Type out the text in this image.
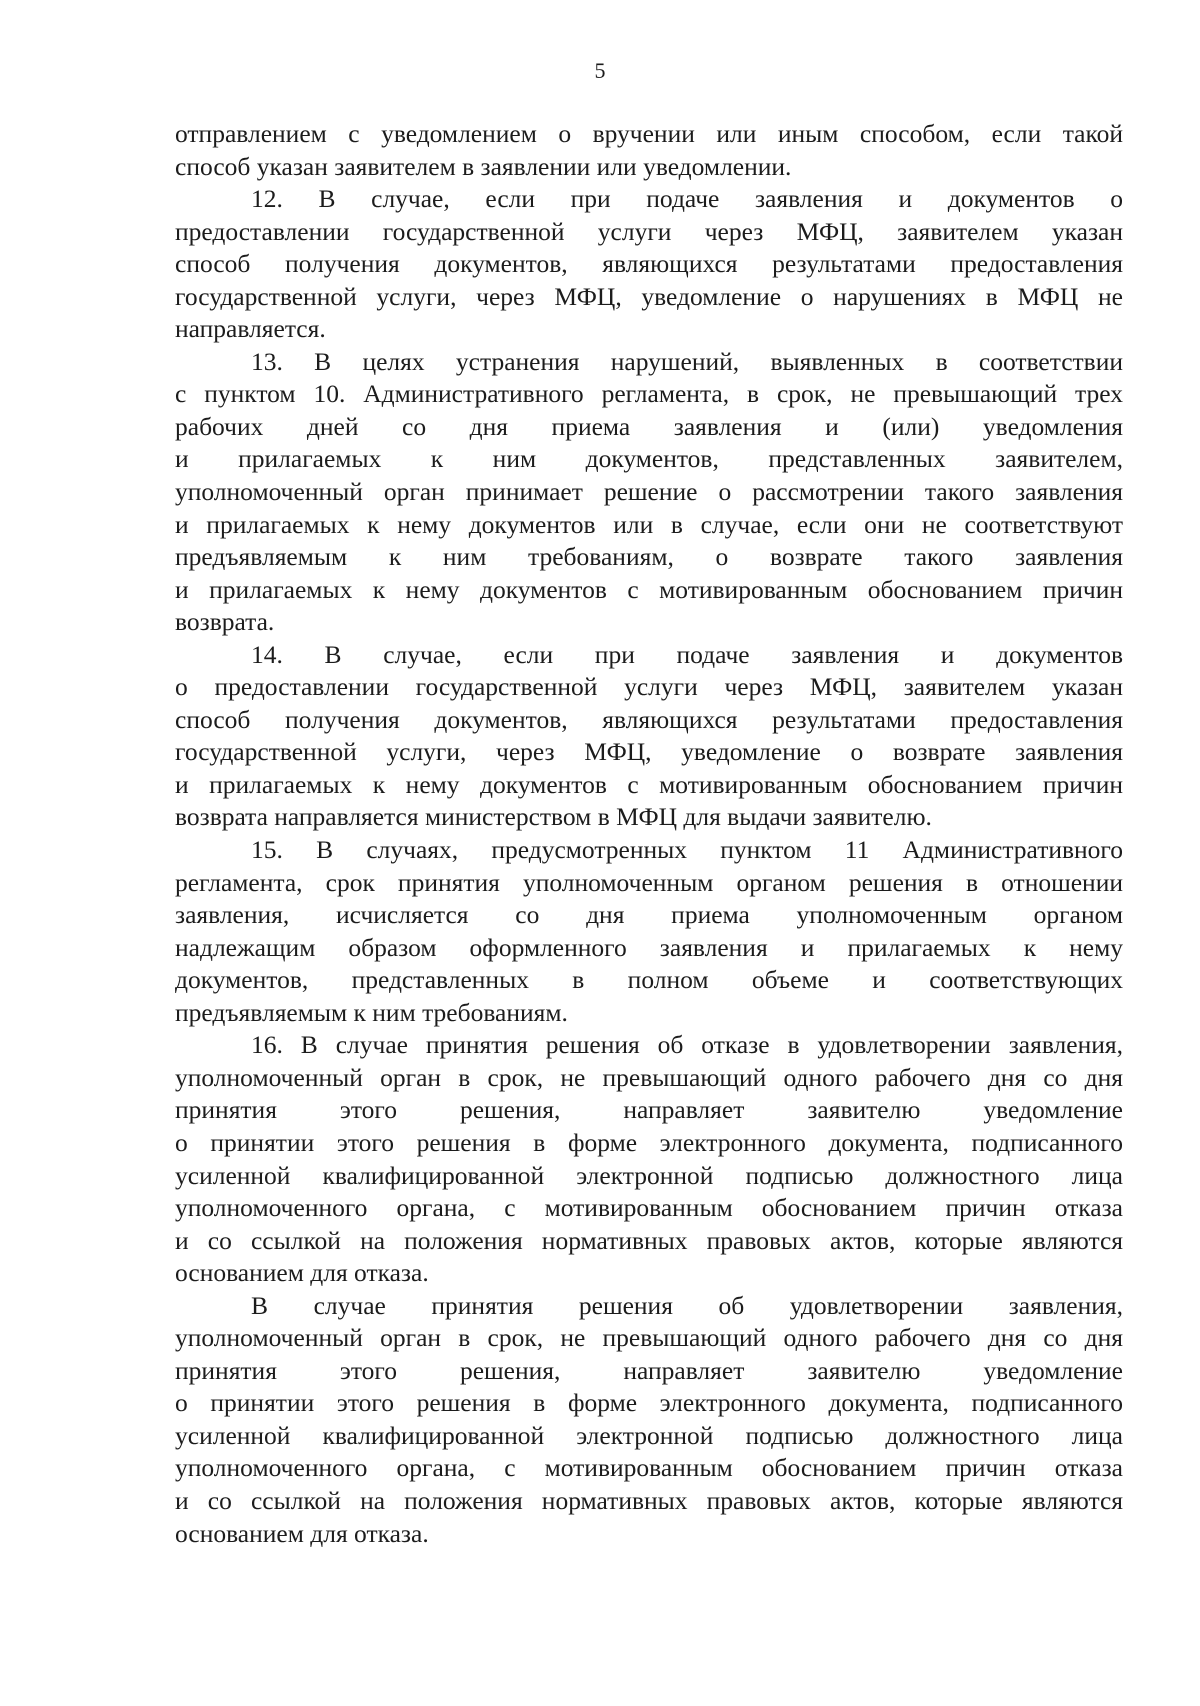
5
отправлением с уведомлением о вручении или иным способом, если такой
способ указан заявителем в заявлении или уведомлении.
12. В случае, если при подаче заявления и документов о
предоставлении государственной услуги через МФЦ, заявителем указан
способ получения документов, являющихся результатами предоставления
государственной услуги, через МФЦ, уведомление о нарушениях в МФЦ не
направляется.
13. В целях устранения нарушений, выявленных в соответствии
с пунктом 10. Административного регламента, в срок, не превышающий трех
рабочих дней со дня приема заявления и (или) уведомления
и прилагаемых к ним документов, представленных заявителем,
уполномоченный орган принимает решение о рассмотрении такого заявления
и прилагаемых к нему документов или в случае, если они не соответствуют
предъявляемым к ним требованиям, о возврате такого заявления
и прилагаемых к нему документов с мотивированным обоснованием причин
возврата.
14. В случае, если при подаче заявления и документов
о предоставлении государственной услуги через МФЦ, заявителем указан
способ получения документов, являющихся результатами предоставления
государственной услуги, через МФЦ, уведомление о возврате заявления
и прилагаемых к нему документов с мотивированным обоснованием причин
возврата направляется министерством в МФЦ для выдачи заявителю.
15. В случаях, предусмотренных пунктом 11 Административного
регламента, срок принятия уполномоченным органом решения в отношении
заявления, исчисляется со дня приема уполномоченным органом
надлежащим образом оформленного заявления и прилагаемых к нему
документов, представленных в полном объеме и соответствующих
предъявляемым к ним требованиям.
16. В случае принятия решения об отказе в удовлетворении заявления,
уполномоченный орган в срок, не превышающий одного рабочего дня со дня
принятия этого решения, направляет заявителю уведомление
о принятии этого решения в форме электронного документа, подписанного
усиленной квалифицированной электронной подписью должностного лица
уполномоченного органа, с мотивированным обоснованием причин отказа
и со ссылкой на положения нормативных правовых актов, которые являются
основанием для отказа.
В случае принятия решения об удовлетворении заявления,
уполномоченный орган в срок, не превышающий одного рабочего дня со дня
принятия этого решения, направляет заявителю уведомление
о принятии этого решения в форме электронного документа, подписанного
усиленной квалифицированной электронной подписью должностного лица
уполномоченного органа, с мотивированным обоснованием причин отказа
и со ссылкой на положения нормативных правовых актов, которые являются
основанием для отказа.
